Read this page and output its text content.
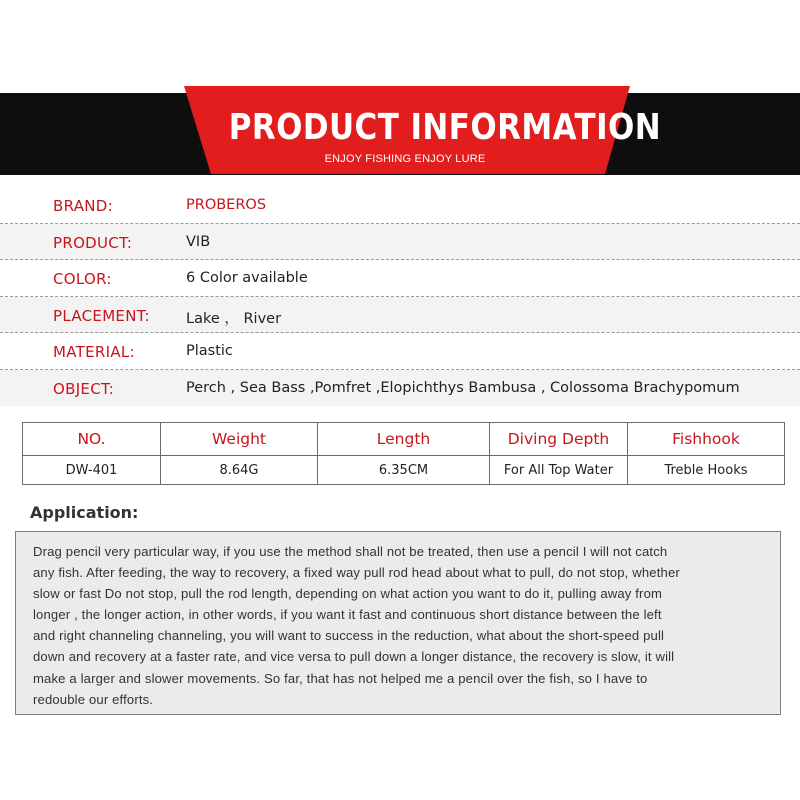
PRODUCT INFORMATION
ENJOY FISHING ENJOY LURE
BRAND:	PROBEROS
PRODUCT:	VIB
COLOR:	6 Color available
PLACEMENT: Lake ， River
MATERIAL:	Plastic
OBJECT:	Perch , Sea Bass ,Pomfret ,Elopichthys Bambusa , Colossoma Brachypomum
NO.	Weight	Length	Diving Depth	Fishhook
DW-401	8.64G	6.35CM	For All Top Water	Treble Hooks
Application:
Drag pencil very particular way, if you use the method shall not be treated, then use a pencil I will not catch
any fish. After feeding, the way to recovery, a fixed way pull rod head about what to pull, do not stop, whether
slow or fast Do not stop, pull the rod length, depending on what action you want to do it, pulling away from
longer , the longer action, in other words, if you want it fast and continuous short distance between the left
and right channeling channeling, you will want to success in the reduction, what about the short-speed pull
down and recovery at a faster rate, and vice versa to pull down a longer distance, the recovery is slow, it will
make a larger and slower movements. So far, that has not helped me a pencil over the fish, so I have to
redouble our efforts.
